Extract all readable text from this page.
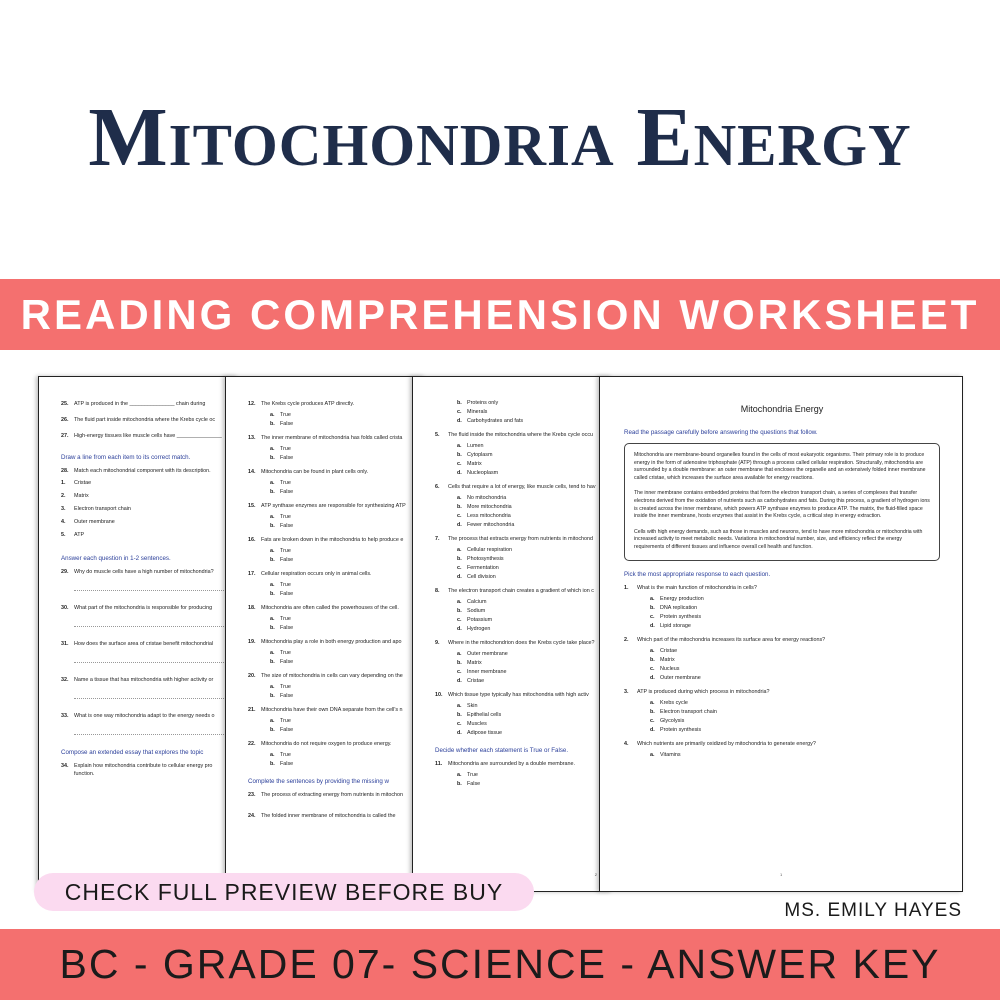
Mitochondria Energy
READING COMPREHENSION WORKSHEET
25.	ATP is produced in the _______________ chain during
26.	The fluid part inside mitochondria where the Krebs cycle oc
27.	High-energy tissues like muscle cells have _______________
Draw a line from each item to its correct match.
28.	Match each mitochondrial component with its description.
1.	Cristae
2.	Matrix
3.	Electron transport chain
4.	Outer membrane
5.	ATP
Answer each question in 1-2 sentences.
29.	Why do muscle cells have a high number of mitochondria?
30.	What part of the mitochondria is responsible for producing
31.	How does the surface area of cristae benefit mitochondrial
32.	Name a tissue that has mitochondria with higher activity or
33.	What is one way mitochondria adapt to the energy needs o
Compose an extended essay that explores the topic
34.	Explain how mitochondria contribute to cellular energy pro
function.
12.	The Krebs cycle produces ATP directly.
a.	True
b. False
13.	The inner membrane of mitochondria has folds called crista
a.	True
b. False
14.	Mitochondria can be found in plant cells only.
a.	True
b. False
15.	ATP synthase enzymes are responsible for synthesizing ATP
a.	True
b. False
16.	Fats are broken down in the mitochondria to help produce e
a.	True
b. False
17.	Cellular respiration occurs only in animal cells.
a.	True
b. False
18.	Mitochondria are often called the powerhouses of the cell.
a.	True
b. False
19.	Mitochondria play a role in both energy production and apo
a.	True
b. False
20.	The size of mitochondria in cells can vary depending on the
a.	True
b. False
21.	Mitochondria have their own DNA separate from the cell's n
a.	True
b. False
22.	Mitochondria do not require oxygen to produce energy.
a.	True
b. False
Complete the sentences by providing the missing w
23.	The process of extracting energy from nutrients in mitochon
24.	The folded inner membrane of mitochondria is called the
b. Proteins only
c.	Minerals
d. Carbohydrates and fats
5.	The fluid inside the mitochondria where the Krebs cycle occu
a.	Lumen
b. Cytoplasm
c.	Matrix
d. Nucleoplasm
6.	Cells that require a lot of energy, like muscle cells, tend to hav
a.	No mitochondria
b. More mitochondria
c.	Less mitochondria
d. Fewer mitochondria
7.	The process that extracts energy from nutrients in mitochond
a.	Cellular respiration
b. Photosynthesis
c.	Fermentation
d. Cell division
8.	The electron transport chain creates a gradient of which ion c
a.	Calcium
b. Sodium
c.	Potassium
d. Hydrogen
9.	Where in the mitochondrion does the Krebs cycle take place?
a.	Outer membrane
b. Matrix
c.	Inner membrane
d. Cristae
10.	Which tissue type typically has mitochondria with high activ
a.	Skin
b. Epithelial cells
c.	Muscles
d. Adipose tissue
Decide whether each statement is True or False.
11.	Mitochondria are surrounded by a double membrane.
a.	True
b. False
2
Mitochondria Energy
Read the passage carefully before answering the questions that follow.

Mitochondria are membrane-bound organelles found in the cells of most eukaryotic organisms. Their primary role is to produce energy in the form of adenosine triphosphate (ATP) through a process called cellular respiration. Structurally, mitochondria are surrounded by a double membrane: an outer membrane that encloses the organelle and an extensively folded inner membrane called cristae, which increases the surface area available for energy reactions.

The inner membrane contains embedded proteins that form the electron transport chain, a series of complexes that transfer electrons derived from the oxidation of nutrients such as carbohydrates and fats. During this process, a gradient of hydrogen ions is created across the inner membrane, which powers ATP synthase enzymes to produce ATP. The matrix, the fluid-filled space inside the inner membrane, hosts enzymes that assist in the Krebs cycle, a critical step in energy extraction.

Cells with high energy demands, such as those in muscles and neurons, tend to have more mitochondria or mitochondria with increased activity to meet metabolic needs. Variations in mitochondrial number, size, and efficiency reflect the energy requirements of different tissues and influence overall cell health and function.

Pick the most appropriate response to each question.
1.	What is the main function of mitochondria in cells?
a.	Energy production
b. DNA replication
c.	Protein synthesis
d. Lipid storage
2.	Which part of the mitochondria increases its surface area for energy reactions?
a.	Cristae
b. Matrix
c.	Nucleus
d. Outer membrane
3.	ATP is produced during which process in mitochondria?
a.	Krebs cycle
b. Electron transport chain
c.	Glycolysis
d. Protein synthesis
4.	Which nutrients are primarily oxidized by mitochondria to generate energy?
a.	Vitamins
1
CHECK FULL PREVIEW BEFORE BUY
MS. EMILY HAYES
BC - GRADE 07- SCIENCE - ANSWER KEY
